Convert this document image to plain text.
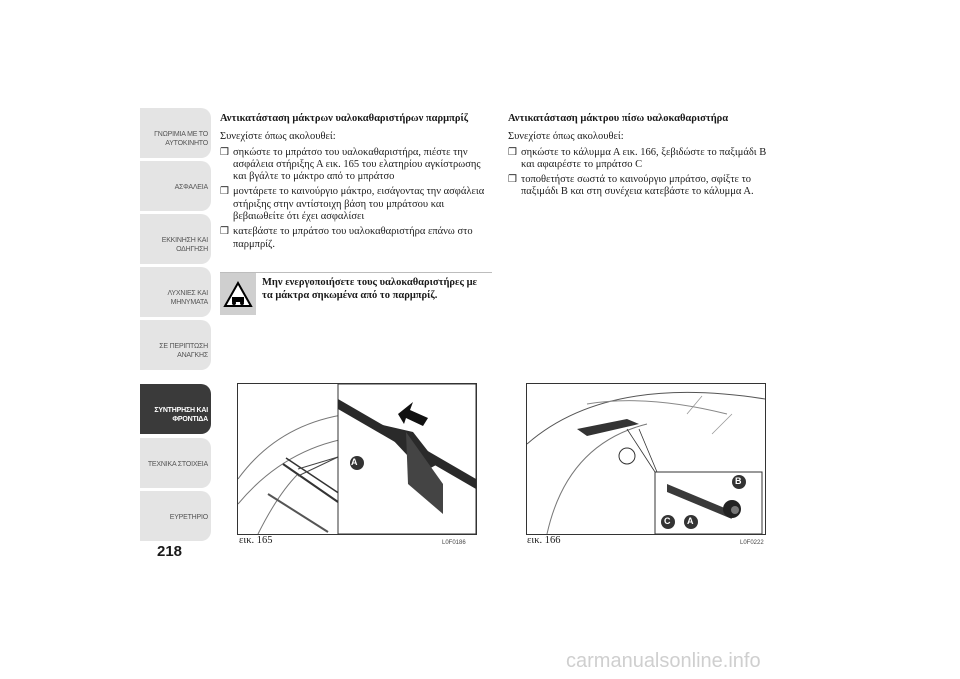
ΓΝΩΡΙΜΙΑ ΜΕ ΤΟ
ΑΥΤΟΚΙΝΗΤΟ
ΑΣΦΑΛΕΙΑ
ΕΚΚΙΝΗΣΗ ΚΑΙ
ΟΔΗΓΗΣΗ
ΛΥΧΝΙΕΣ ΚΑΙ
ΜΗΝΥΜΑΤΑ
ΣΕ ΠΕΡΙΠΤΩΣΗ
ΑΝΑΓΚΗΣ
ΣΥΝΤΗΡΗΣΗ ΚΑΙ
ΦΡΟΝΤΙΔΑ
ΤΕΧΝΙΚΑ ΣΤΟΙΧΕΙΑ
ΕΥΡΕΤΗΡΙΟ
218
Αντικατάσταση μάκτρων υαλοκαθαριστήρων παρμπρίζ

Συνεχίστε όπως ακολουθεί:

❒ σηκώστε το μπράτσο του υαλοκαθαριστήρα, πιέστε την ασφάλεια στήριξης Α εικ. 165 του ελατηρίου αγκίστρωσης και βγάλτε το μάκτρο από το μπράτσο
❒ μοντάρετε το καινούργιο μάκτρο, εισάγοντας την ασφάλεια στήριξης στην αντίστοιχη βάση του μπράτσου και βεβαιωθείτε ότι έχει ασφαλίσει
❒ κατεβάστε το μπράτσο του υαλοκαθαριστήρα επάνω στο παρμπρίζ.
Μην ενεργοποιήσετε τους υαλοκαθαριστήρες με τα μάκτρα σηκωμένα από το παρμπρίζ.
Αντικατάσταση μάκτρου πίσω υαλοκαθαριστήρα

Συνεχίστε όπως ακολουθεί:

❒ σηκώστε το κάλυμμα Α εικ. 166, ξεβιδώστε το παξιμάδι Β και αφαιρέστε το μπράτσο C
❒ τοποθετήστε σωστά το καινούργιο μπράτσο, σφίξτε το παξιμάδι Β και στη συνέχεια κατεβάστε το κάλυμμα Α.
A
εικ. 165	L0F0186
B
C A
εικ. 166	L0F0222
carmanualsonline.info
